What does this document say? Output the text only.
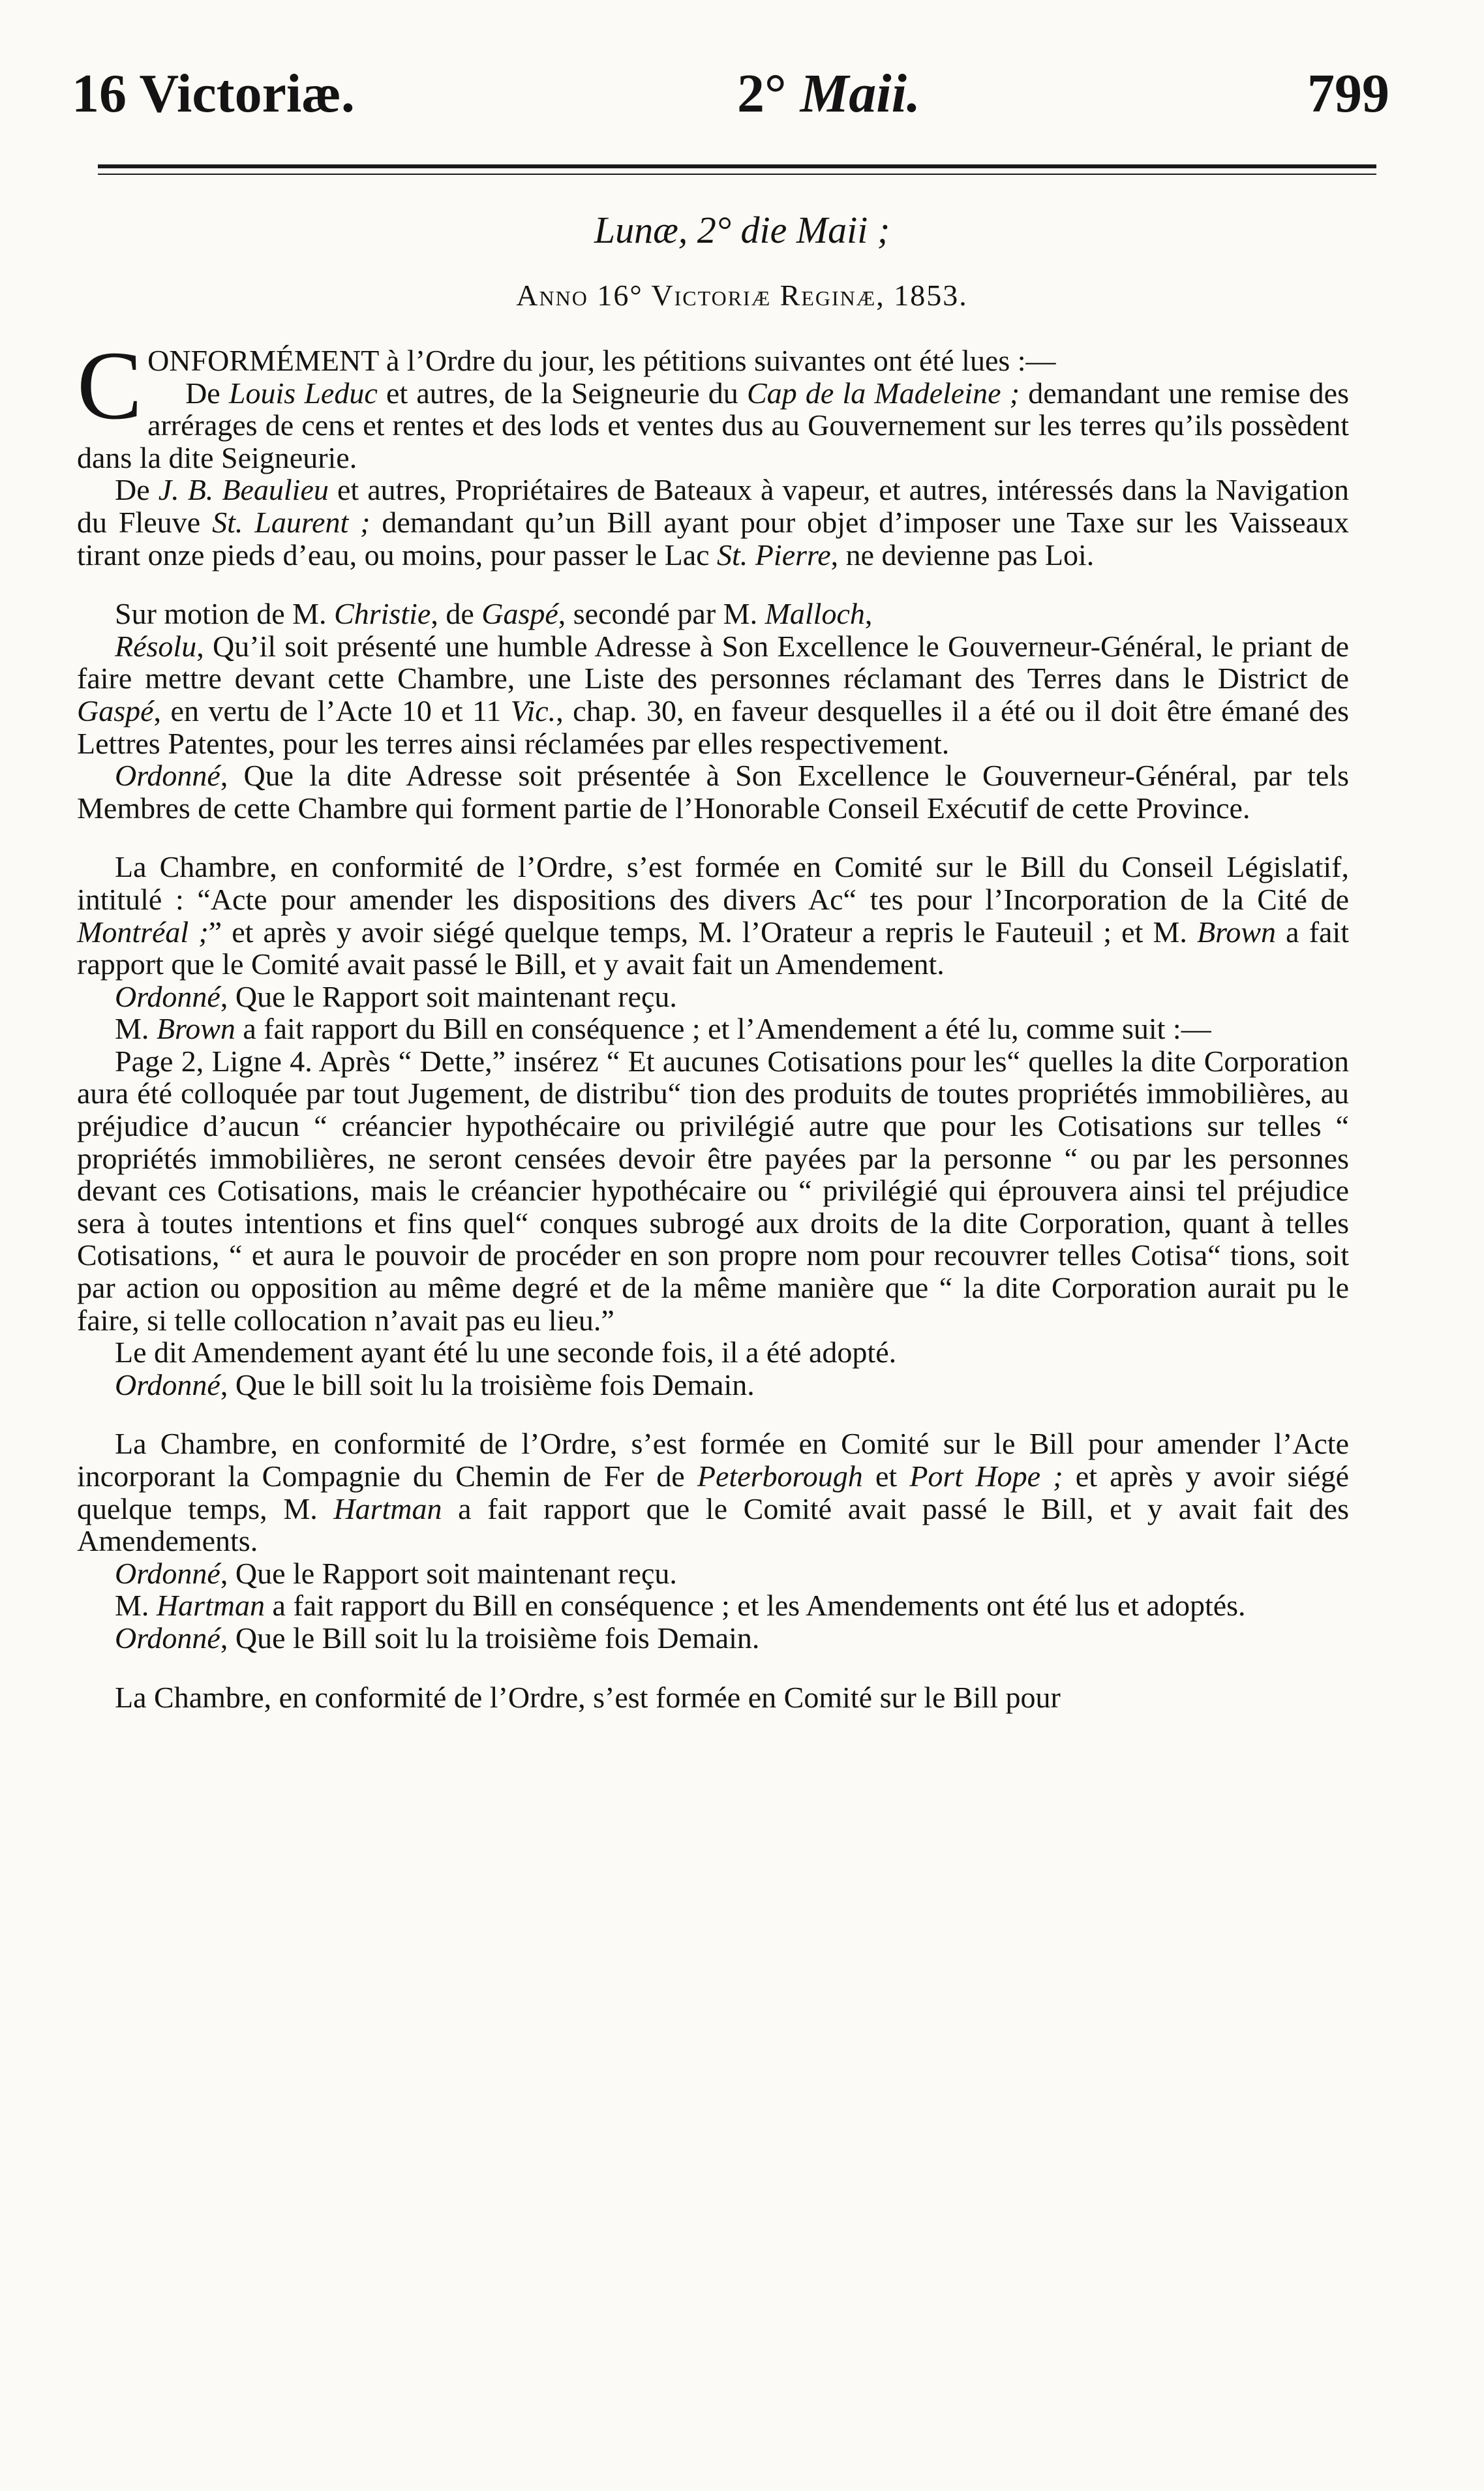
16 Victoriæ.	2° Maii.	799
Lunæ, 2° die Maii ;
Anno 16° Victoriæ Reginæ, 1853.

CONFORMÉMENT à l’Ordre du jour, les pétitions suivantes ont été lues :—
De Louis Leduc et autres, de la Seigneurie du Cap de la Madeleine ; demandant une remise des arrérages de cens et rentes et des lods et ventes dus au Gouvernement sur les terres qu’ils possèdent dans la dite Seigneurie.

De J. B. Beaulieu et autres, Propriétaires de Bateaux à vapeur, et autres, intéressés dans la Navigation du Fleuve St. Laurent ; demandant qu’un Bill ayant pour objet d’imposer une Taxe sur les Vaisseaux tirant onze pieds d’eau, ou moins, pour passer le Lac St. Pierre, ne devienne pas Loi.

Sur motion de M. Christie, de Gaspé, secondé par M. Malloch,

Résolu, Qu’il soit présenté une humble Adresse à Son Excellence le Gouverneur-Général, le priant de faire mettre devant cette Chambre, une Liste des personnes réclamant des Terres dans le District de Gaspé, en vertu de l’Acte 10 et 11 Vic., chap. 30, en faveur desquelles il a été ou il doit être émané des Lettres Patentes, pour les terres ainsi réclamées par elles respectivement.

Ordonné, Que la dite Adresse soit présentée à Son Excellence le Gouverneur-Général, par tels Membres de cette Chambre qui forment partie de l’Honorable Conseil Exécutif de cette Province.

La Chambre, en conformité de l’Ordre, s’est formée en Comité sur le Bill du Conseil Législatif, intitulé : “Acte pour amender les dispositions des divers Ac“ tes pour l’Incorporation de la Cité de Montréal ;” et après y avoir siégé quelque temps, M. l’Orateur a repris le Fauteuil ; et M. Brown a fait rapport que le Comité avait passé le Bill, et y avait fait un Amendement.

Ordonné, Que le Rapport soit maintenant reçu.

M. Brown a fait rapport du Bill en conséquence ; et l’Amendement a été lu, comme suit :—

Page 2, Ligne 4. Après “ Dette,” insérez “ Et aucunes Cotisations pour les“ quelles la dite Corporation aura été colloquée par tout Jugement, de distribu“ tion des produits de toutes propriétés immobilières, au préjudice d’aucun “ créancier hypothécaire ou privilégié autre que pour les Cotisations sur telles “ propriétés immobilières, ne seront censées devoir être payées par la personne “ ou par les personnes devant ces Cotisations, mais le créancier hypothécaire ou “ privilégié qui éprouvera ainsi tel préjudice sera à toutes intentions et fins quel“ conques subrogé aux droits de la dite Corporation, quant à telles Cotisations, “ et aura le pouvoir de procéder en son propre nom pour recouvrer telles Cotisa“ tions, soit par action ou opposition au même degré et de la même manière que “ la dite Corporation aurait pu le faire, si telle collocation n’avait pas eu lieu.”

Le dit Amendement ayant été lu une seconde fois, il a été adopté.

Ordonné, Que le bill soit lu la troisième fois Demain.

La Chambre, en conformité de l’Ordre, s’est formée en Comité sur le Bill pour amender l’Acte incorporant la Compagnie du Chemin de Fer de Peterborough et Port Hope ; et après y avoir siégé quelque temps, M. Hartman a fait rapport que le Comité avait passé le Bill, et y avait fait des Amendements.

Ordonné, Que le Rapport soit maintenant reçu.

M. Hartman a fait rapport du Bill en conséquence ; et les Amendements ont été lus et adoptés.

Ordonné, Que le Bill soit lu la troisième fois Demain.

La Chambre, en conformité de l’Ordre, s’est formée en Comité sur le Bill pour
